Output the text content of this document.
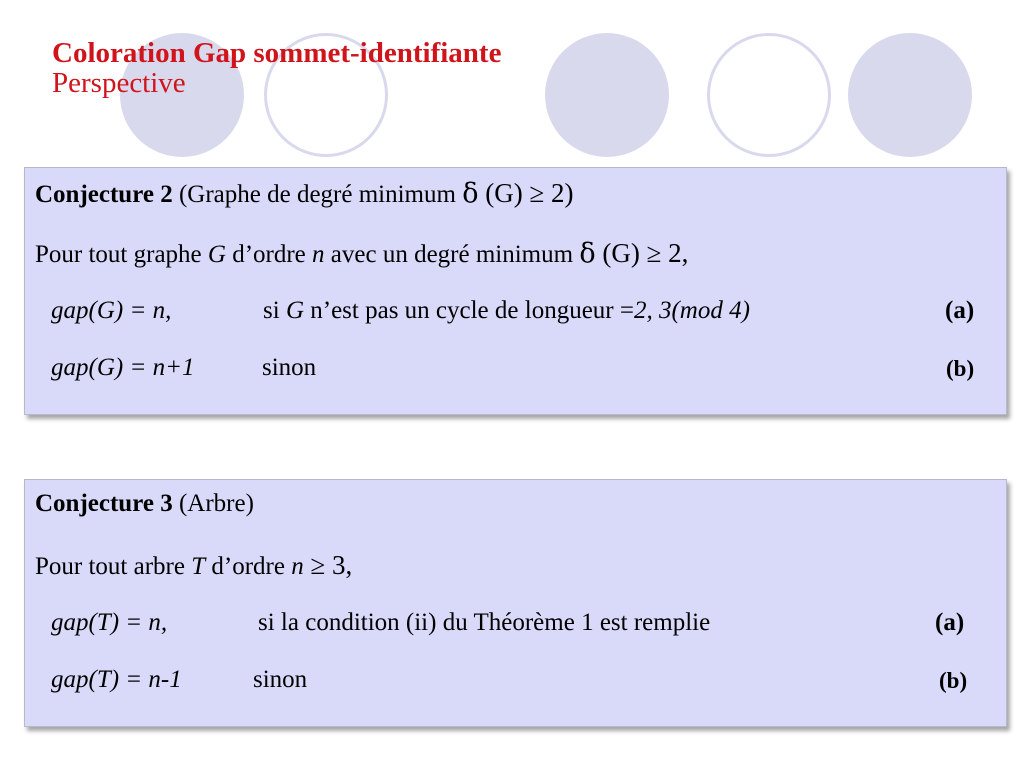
Coloration Gap sommet-identifiante
Perspective
Conjecture 2 (Graphe de degré minimum δ (G) ≥ 2)
Pour tout graphe G d’ordre n avec un degré minimum δ (G) ≥ 2,
gap(G) = n,	si G n’est pas un cycle de longueur =2, 3(mod 4)	(a)
gap(G) = n+1	sinon	(b)
Conjecture 3 (Arbre)
Pour tout arbre T d’ordre n ≥ 3,
gap(T) = n,	si la condition (ii) du Théorème 1 est remplie	(a)
gap(T) = n-1	sinon	(b)
